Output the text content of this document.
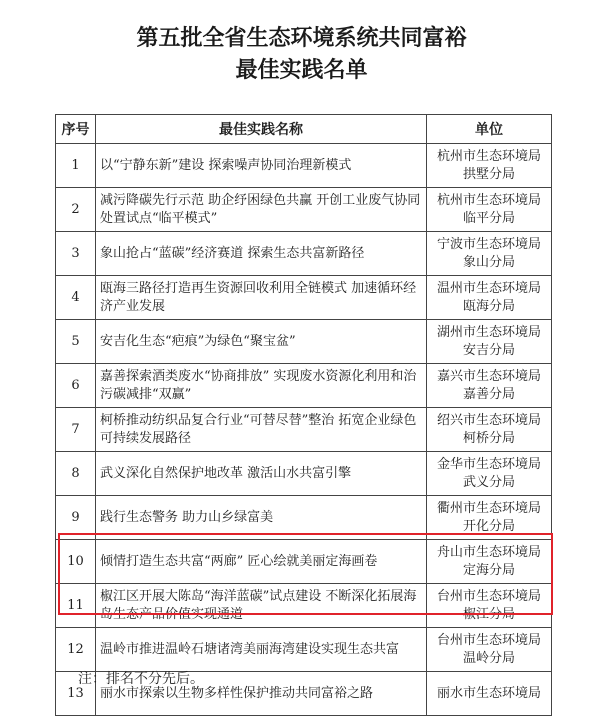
第五批全省生态环境系统共同富裕
最佳实践名单
序号	最佳实践名称	单位
1	以“宁静东新”建设 探索噪声协同治理新模式	杭州市生态环境局
拱墅分局

2	减污降碳先行示范 助企纾困绿色共赢 开创工业废气协同处置试点“临平模式”	杭州市生态环境局
临平分局

3	象山抢占“蓝碳”经济赛道 探索生态共富新路径	宁波市生态环境局
象山分局

4	瓯海三路径打造再生资源回收利用全链模式 加速循环经济产业发展	温州市生态环境局
瓯海分局

5	安吉化生态“疤痕”为绿色“聚宝盆”	湖州市生态环境局
安吉分局

6	嘉善探索酒类废水“协商排放” 实现废水资源化利用和治污碳减排“双赢”	嘉兴市生态环境局
嘉善分局

7	柯桥推动纺织品复合行业“可替尽替”整治 拓宽企业绿色可持续发展路径	绍兴市生态环境局
柯桥分局

8	武义深化自然保护地改革 激活山水共富引擎	金华市生态环境局
武义分局

9	践行生态警务 助力山乡绿富美	衢州市生态环境局
开化分局

10	倾情打造生态共富“两廊” 匠心绘就美丽定海画卷	舟山市生态环境局
定海分局

11	椒江区开展大陈岛“海洋蓝碳”试点建设 不断深化拓展海岛生态产品价值实现通道	台州市生态环境局
椒江分局

12	温岭市推进温岭石塘诸湾美丽海湾建设实现生态共富	台州市生态环境局
温岭分局

13	丽水市探索以生物多样性保护推动共同富裕之路	丽水市生态环境局
注：排名不分先后。
